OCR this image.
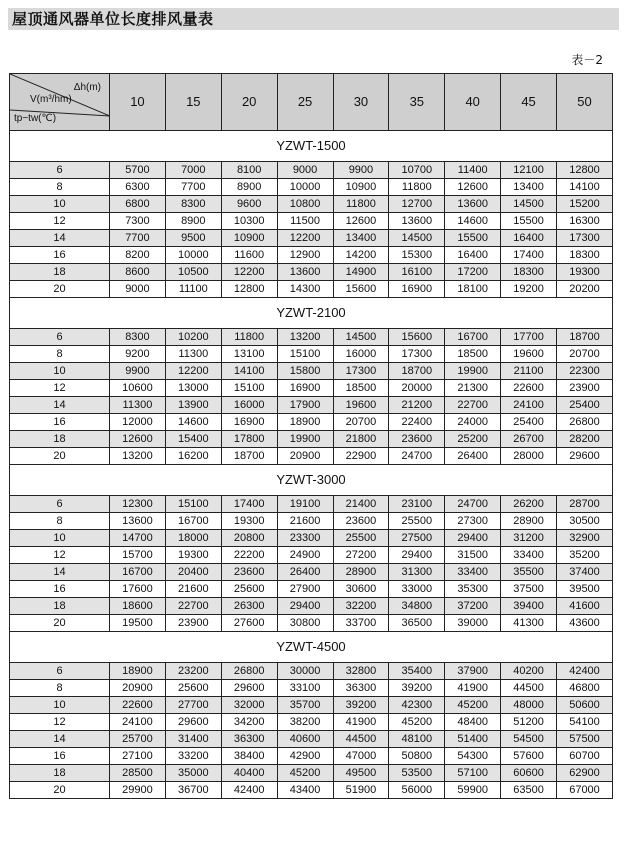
屋顶通风器单位长度排风量表
表－2
Δh(m)
V(m³/hm)
tp−tw(℃)	10	15	20	25	30	35	40	45	50
YZWT-1500									
6	5700	7000	8100	9000	9900	10700	11400	12100	12800
8	6300	7700	8900	10000	10900	11800	12600	13400	14100
10	6800	8300	9600	10800	11800	12700	13600	14500	15200
12	7300	8900	10300	11500	12600	13600	14600	15500	16300
14	7700	9500	10900	12200	13400	14500	15500	16400	17300
16	8200	10000	11600	12900	14200	15300	16400	17400	18300
18	8600	10500	12200	13600	14900	16100	17200	18300	19300
20	9000	11100	12800	14300	15600	16900	18100	19200	20200
YZWT-2100									
6	8300	10200	11800	13200	14500	15600	16700	17700	18700
8	9200	11300	13100	15100	16000	17300	18500	19600	20700
10	9900	12200	14100	15800	17300	18700	19900	21100	22300
12	10600	13000	15100	16900	18500	20000	21300	22600	23900
14	11300	13900	16000	17900	19600	21200	22700	24100	25400
16	12000	14600	16900	18900	20700	22400	24000	25400	26800
18	12600	15400	17800	19900	21800	23600	25200	26700	28200
20	13200	16200	18700	20900	22900	24700	26400	28000	29600
YZWT-3000									
6	12300	15100	17400	19100	21400	23100	24700	26200	28700
8	13600	16700	19300	21600	23600	25500	27300	28900	30500
10	14700	18000	20800	23300	25500	27500	29400	31200	32900
12	15700	19300	22200	24900	27200	29400	31500	33400	35200
14	16700	20400	23600	26400	28900	31300	33400	35500	37400
16	17600	21600	25600	27900	30600	33000	35300	37500	39500
18	18600	22700	26300	29400	32200	34800	37200	39400	41600
20	19500	23900	27600	30800	33700	36500	39000	41300	43600
YZWT-4500									
6	18900	23200	26800	30000	32800	35400	37900	40200	42400
8	20900	25600	29600	33100	36300	39200	41900	44500	46800
10	22600	27700	32000	35700	39200	42300	45200	48000	50600
12	24100	29600	34200	38200	41900	45200	48400	51200	54100
14	25700	31400	36300	40600	44500	48100	51400	54500	57500
16	27100	33200	38400	42900	47000	50800	54300	57600	60700
18	28500	35000	40400	45200	49500	53500	57100	60600	62900
20	29900	36700	42400	43400	51900	56000	59900	63500	67000
